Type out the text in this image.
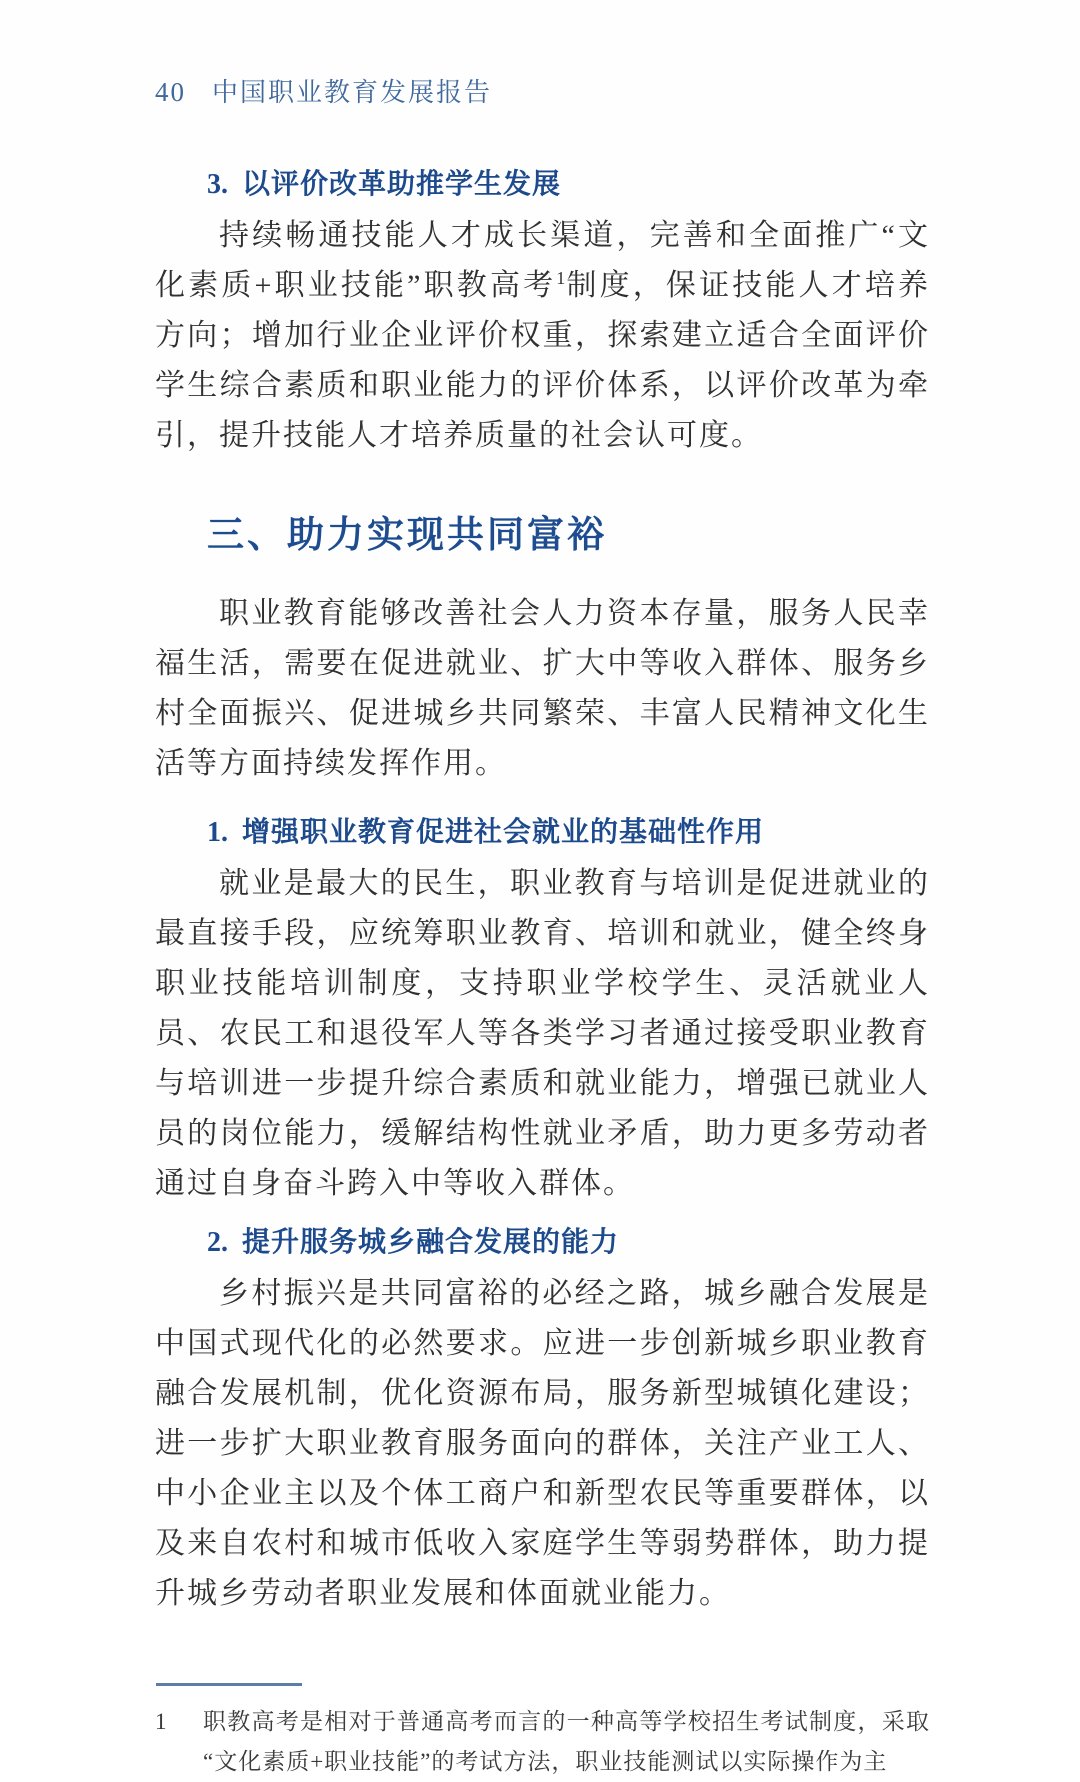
40 中国职业教育发展报告
3. 以评价改革助推学生发展

持续畅通技能人才成长渠道，完善和全面推广“文化素质+职业技能”职教高考$^1$制度，保证技能人才培养方向；增加行业企业评价权重，探索建立适合全面评价学生综合素质和职业能力的评价体系，以评价改革为牵引，提升技能人才培养质量的社会认可度。

三、助力实现共同富裕

职业教育能够改善社会人力资本存量，服务人民幸福生活，需要在促进就业、扩大中等收入群体、服务乡村全面振兴、促进城乡共同繁荣、丰富人民精神文化生活等方面持续发挥作用。

1. 增强职业教育促进社会就业的基础性作用

就业是最大的民生，职业教育与培训是促进就业的最直接手段，应统筹职业教育、培训和就业，健全终身职业技能培训制度，支持职业学校学生、灵活就业人员、农民工和退役军人等各类学习者通过接受职业教育与培训进一步提升综合素质和就业能力，增强已就业人员的岗位能力，缓解结构性就业矛盾，助力更多劳动者通过自身奋斗跨入中等收入群体。

2. 提升服务城乡融合发展的能力

乡村振兴是共同富裕的必经之路，城乡融合发展是中国式现代化的必然要求。应进一步创新城乡职业教育融合发展机制，优化资源布局，服务新型城镇化建设；进一步扩大职业教育服务面向的群体，关注产业工人、中小企业主以及个体工商户和新型农民等重要群体，以及来自农村和城市低收入家庭学生等弱势群体，助力提升城乡劳动者职业发展和体面就业能力。

1	职教高考是相对于普通高考而言的一种高等学校招生考试制度，采取“文化素质+职业技能”的考试方法，职业技能测试以实际操作为主
